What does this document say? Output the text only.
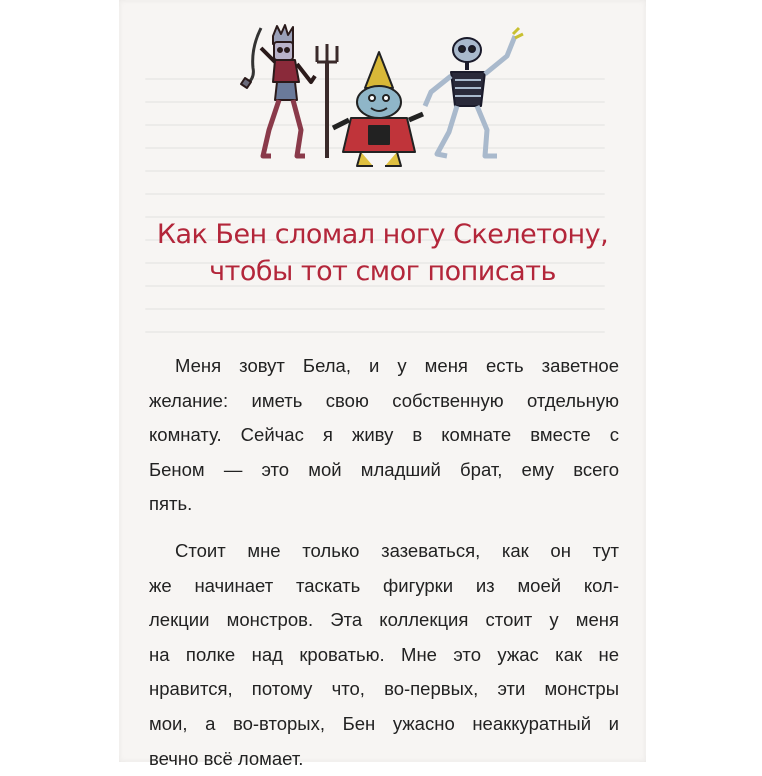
Как Бен сломал ногу Скелетону,
чтобы тот смог пописать
Меня зовут Бела, и у меня есть заветное
желание: иметь свою собственную отдельную
комнату. Сейчас я живу в комнате вместе с
Беном — это мой младший брат, ему всего
пять.
Стоит мне только зазеваться, как он тут
же начинает таскать фигурки из моей кол-
лекции монстров. Эта коллекция стоит у меня
на полке над кроватью. Мне это ужас как не
нравится, потому что, во-первых, эти монстры
мои, а во-вторых, Бен ужасно неаккуратный и
вечно всё ломает.
